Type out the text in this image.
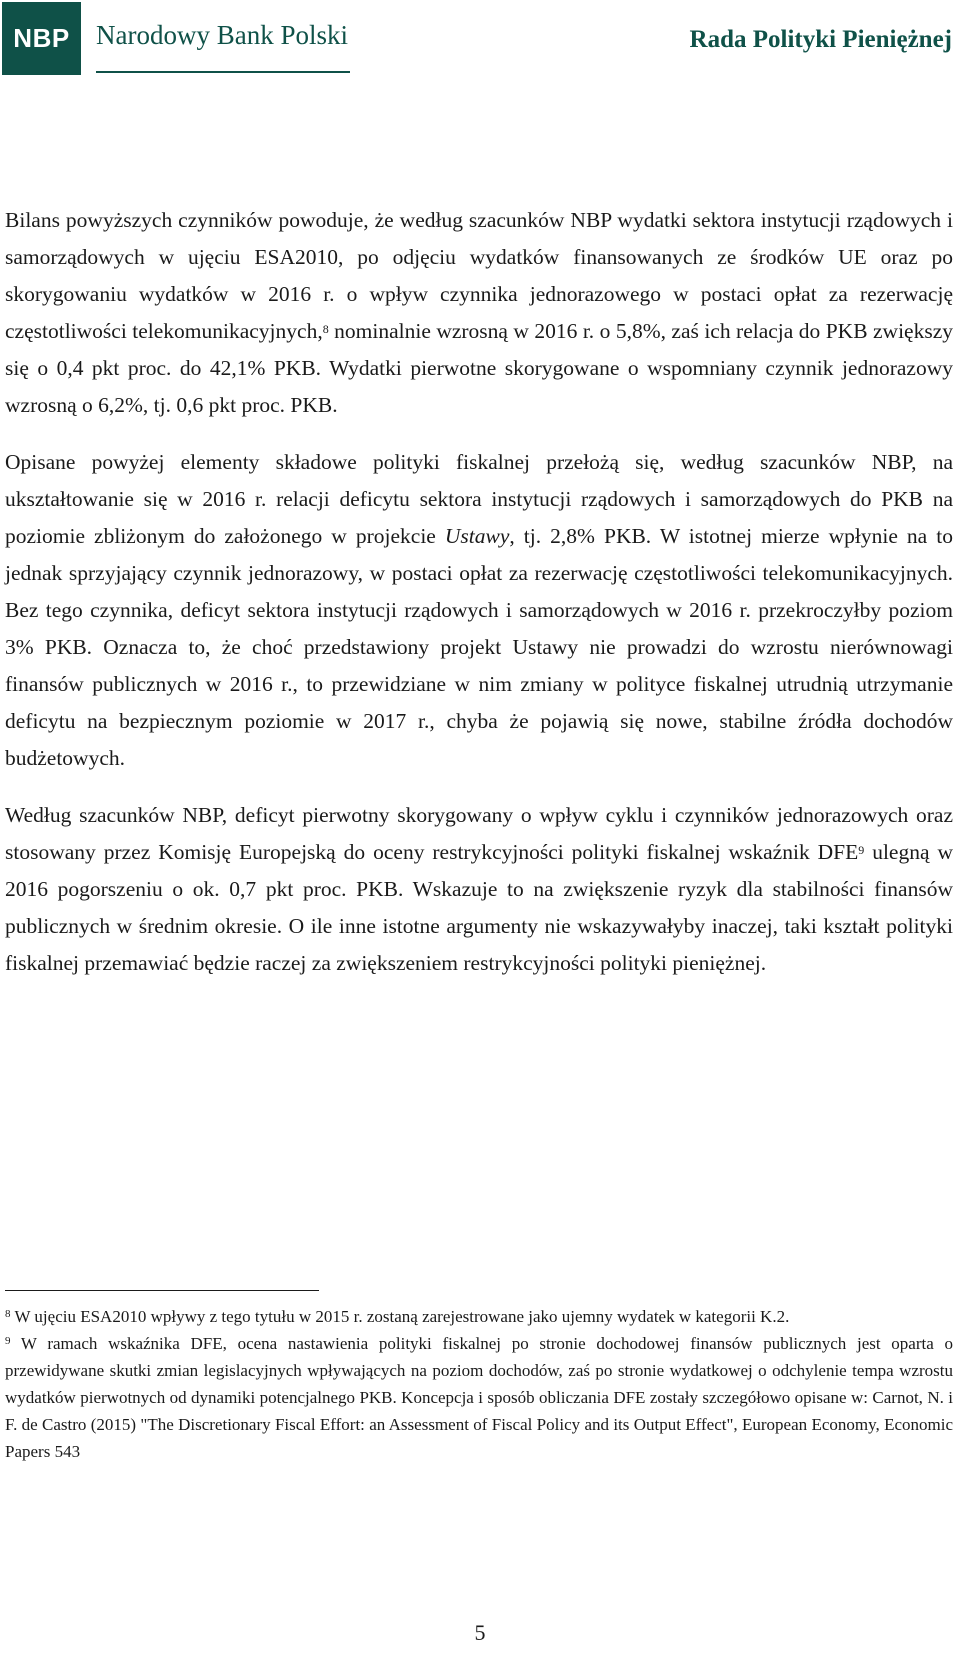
NBP Narodowy Bank Polski	Rada Polityki Pieniężnej

Bilans powyższych czynników powoduje, że według szacunków NBP wydatki sektora instytucji rządowych i samorządowych w ujęciu ESA2010, po odjęciu wydatków finansowanych ze środków UE oraz po skorygowaniu wydatków w 2016 r. o wpływ czynnika jednorazowego w postaci opłat za rezerwację częstotliwości telekomunikacyjnych,$^8$ nominalnie wzrosną w 2016 r. o 5,8%, zaś ich relacja do PKB zwiększy się o 0,4 pkt proc. do 42,1% PKB. Wydatki pierwotne skorygowane o wspomniany czynnik jednorazowy wzrosną o 6,2%, tj. 0,6 pkt proc. PKB.

Opisane powyżej elementy składowe polityki fiskalnej przełożą się, według szacunków NBP, na ukształtowanie się w 2016 r. relacji deficytu sektora instytucji rządowych i samorządowych do PKB na poziomie zbliżonym do założonego w projekcie Ustawy, tj. 2,8% PKB. W istotnej mierze wpłynie na to jednak sprzyjający czynnik jednorazowy, w postaci opłat za rezerwację częstotliwości telekomunikacyjnych. Bez tego czynnika, deficyt sektora instytucji rządowych i samorządowych w 2016 r. przekroczyłby poziom 3% PKB. Oznacza to, że choć przedstawiony projekt Ustawy nie prowadzi do wzrostu nierównowagi finansów publicznych w 2016 r., to przewidziane w nim zmiany w polityce fiskalnej utrudnią utrzymanie deficytu na bezpiecznym poziomie w 2017 r., chyba że pojawią się nowe, stabilne źródła dochodów budżetowych.

Według szacunków NBP, deficyt pierwotny skorygowany o wpływ cyklu i czynników jednorazowych oraz stosowany przez Komisję Europejską do oceny restrykcyjności polityki fiskalnej wskaźnik DFE$^9$ ulegną w 2016 pogorszeniu o ok. 0,7 pkt proc. PKB. Wskazuje to na zwiększenie ryzyk dla stabilności finansów publicznych w średnim okresie. O ile inne istotne argumenty nie wskazywałyby inaczej, taki kształt polityki fiskalnej przemawiać będzie raczej za zwiększeniem restrykcyjności polityki pieniężnej.

$^8$ W ujęciu ESA2010 wpływy z tego tytułu w 2015 r. zostaną zarejestrowane jako ujemny wydatek w kategorii K.2.

$^9$ W ramach wskaźnika DFE, ocena nastawienia polityki fiskalnej po stronie dochodowej finansów publicznych jest oparta o przewidywane skutki zmian legislacyjnych wpływających na poziom dochodów, zaś po stronie wydatkowej o odchylenie tempa wzrostu wydatków pierwotnych od dynamiki potencjalnego PKB. Koncepcja i sposób obliczania DFE zostały szczegółowo opisane w: Carnot, N. i F. de Castro (2015) "The Discretionary Fiscal Effort: an Assessment of Fiscal Policy and its Output Effect", European Economy, Economic Papers 543

5
